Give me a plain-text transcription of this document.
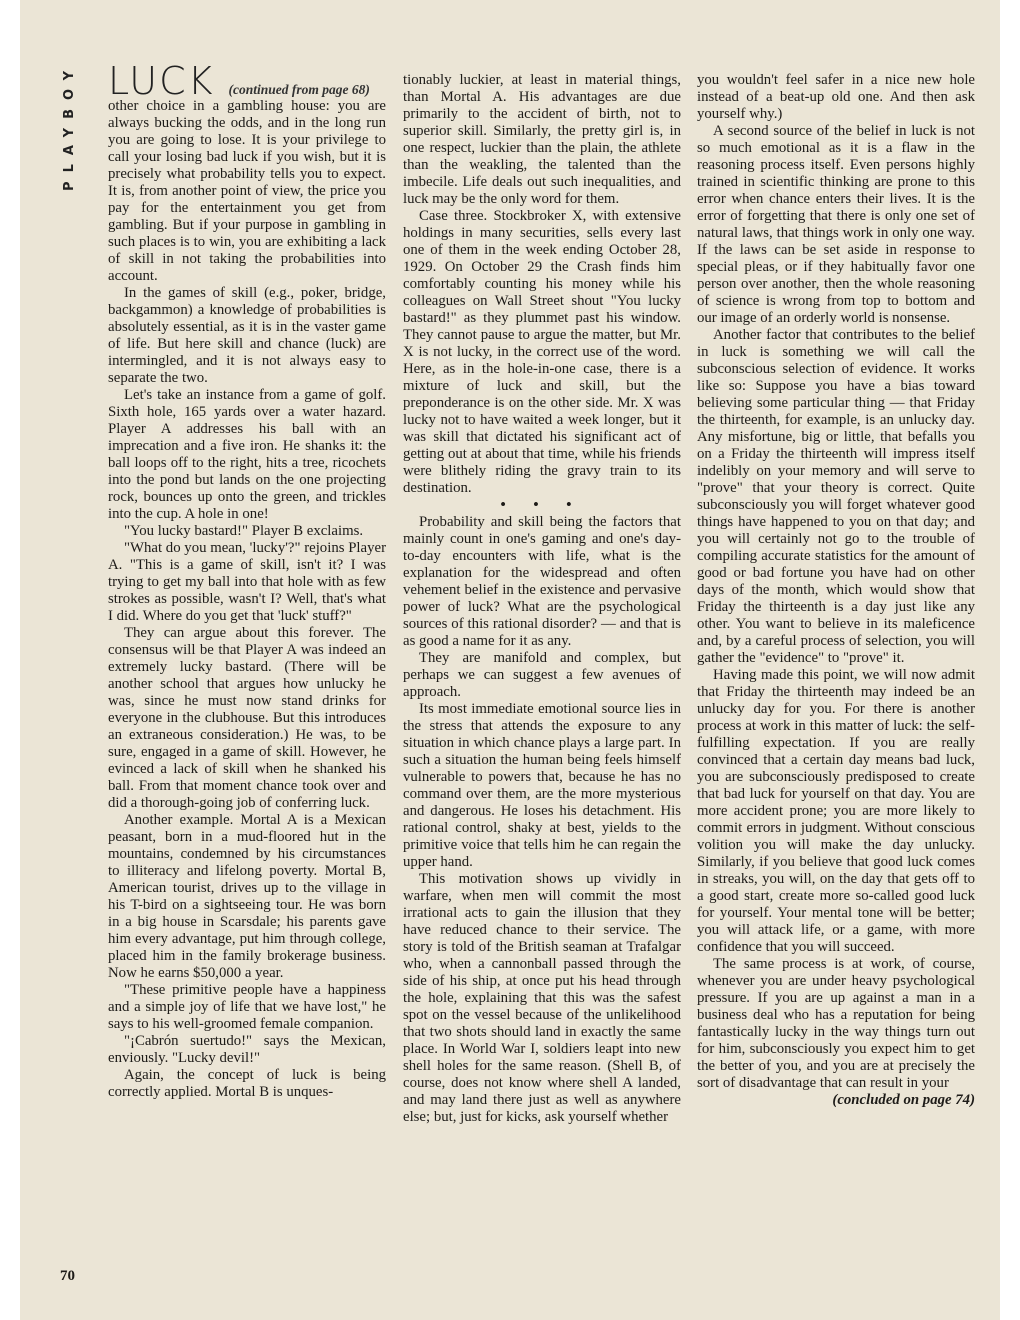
PLAYBOY
70
LUCK (continued from page 68)

other choice in a gambling house: you are always bucking the odds, and in the long run you are going to lose. It is your privilege to call your losing bad luck if you wish, but it is precisely what probability tells you to expect. It is, from another point of view, the price you pay for the entertainment you get from gambling. But if your purpose in gambling in such places is to win, you are exhibiting a lack of skill in not taking the probabilities into account.

In the games of skill (e.g., poker, bridge, backgammon) a knowledge of probabilities is absolutely essential, as it is in the vaster game of life. But here skill and chance (luck) are intermingled, and it is not always easy to separate the two.

Let's take an instance from a game of golf. Sixth hole, 165 yards over a water hazard. Player A addresses his ball with an imprecation and a five iron. He shanks it: the ball loops off to the right, hits a tree, ricochets into the pond but lands on the one projecting rock, bounces up onto the green, and trickles into the cup. A hole in one!

"You lucky bastard!" Player B exclaims.

"What do you mean, 'lucky'?" rejoins Player A. "This is a game of skill, isn't it? I was trying to get my ball into that hole with as few strokes as possible, wasn't I? Well, that's what I did. Where do you get that 'luck' stuff?"

They can argue about this forever. The consensus will be that Player A was indeed an extremely lucky bastard. (There will be another school that argues how unlucky he was, since he must now stand drinks for everyone in the clubhouse. But this introduces an extraneous consideration.) He was, to be sure, engaged in a game of skill. However, he evinced a lack of skill when he shanked his ball. From that moment chance took over and did a thorough-going job of conferring luck.

Another example. Mortal A is a Mexican peasant, born in a mud-floored hut in the mountains, condemned by his circumstances to illiteracy and lifelong poverty. Mortal B, American tourist, drives up to the village in his T-bird on a sightseeing tour. He was born in a big house in Scarsdale; his parents gave him every advantage, put him through college, placed him in the family brokerage business. Now he earns $50,000 a year.

"These primitive people have a happiness and a simple joy of life that we have lost," he says to his well-groomed female companion.

"¡Cabrón suertudo!" says the Mexican, enviously. "Lucky devil!"

Again, the concept of luck is being correctly applied. Mortal B is unques-

tionably luckier, at least in material things, than Mortal A. His advantages are due primarily to the accident of birth, not to superior skill. Similarly, the pretty girl is, in one respect, luckier than the plain, the athlete than the weakling, the talented than the imbecile. Life deals out such inequalities, and luck may be the only word for them.

Case three. Stockbroker X, with extensive holdings in many securities, sells every last one of them in the week ending October 28, 1929. On October 29 the Crash finds him comfortably counting his money while his colleagues on Wall Street shout "You lucky bastard!" as they plummet past his window. They cannot pause to argue the matter, but Mr. X is not lucky, in the correct use of the word. Here, as in the hole-in-one case, there is a mixture of luck and skill, but the preponderance is on the other side. Mr. X was lucky not to have waited a week longer, but it was skill that dictated his significant act of getting out at about that time, while his friends were blithely riding the gravy train to its destination.

• • •

Probability and skill being the factors that mainly count in one's gaming and one's day-to-day encounters with life, what is the explanation for the widespread and often vehement belief in the existence and pervasive power of luck? What are the psychological sources of this rational disorder? — and that is as good a name for it as any.

They are manifold and complex, but perhaps we can suggest a few avenues of approach.

Its most immediate emotional source lies in the stress that attends the exposure to any situation in which chance plays a large part. In such a situation the human being feels himself vulnerable to powers that, because he has no command over them, are the more mysterious and dangerous. He loses his detachment. His rational control, shaky at best, yields to the primitive voice that tells him he can regain the upper hand.

This motivation shows up vividly in warfare, when men will commit the most irrational acts to gain the illusion that they have reduced chance to their service. The story is told of the British seaman at Trafalgar who, when a cannonball passed through the side of his ship, at once put his head through the hole, explaining that this was the safest spot on the vessel because of the unlikelihood that two shots should land in exactly the same place. In World War I, soldiers leapt into new shell holes for the same reason. (Shell B, of course, does not know where shell A landed, and may land there just as well as anywhere else; but, just for kicks, ask yourself whether

you wouldn't feel safer in a nice new hole instead of a beat-up old one. And then ask yourself why.)

A second source of the belief in luck is not so much emotional as it is a flaw in the reasoning process itself. Even persons highly trained in scientific thinking are prone to this error when chance enters their lives. It is the error of forgetting that there is only one set of natural laws, that things work in only one way. If the laws can be set aside in response to special pleas, or if they habitually favor one person over another, then the whole reasoning of science is wrong from top to bottom and our image of an orderly world is nonsense.

Another factor that contributes to the belief in luck is something we will call the subconscious selection of evidence. It works like so: Suppose you have a bias toward believing some particular thing — that Friday the thirteenth, for example, is an unlucky day. Any misfortune, big or little, that befalls you on a Friday the thirteenth will impress itself indelibly on your memory and will serve to "prove" that your theory is correct. Quite subconsciously you will forget whatever good things have happened to you on that day; and you will certainly not go to the trouble of compiling accurate statistics for the amount of good or bad fortune you have had on other days of the month, which would show that Friday the thirteenth is a day just like any other. You want to believe in its maleficence and, by a careful process of selection, you will gather the "evidence" to "prove" it.

Having made this point, we will now admit that Friday the thirteenth may indeed be an unlucky day for you. For there is another process at work in this matter of luck: the self-fulfilling expectation. If you are really convinced that a certain day means bad luck, you are subconsciously predisposed to create that bad luck for yourself on that day. You are more accident prone; you are more likely to commit errors in judgment. Without conscious volition you will make the day unlucky. Similarly, if you believe that good luck comes in streaks, you will, on the day that gets off to a good start, create more so-called good luck for yourself. Your mental tone will be better; you will attack life, or a game, with more confidence that you will succeed.

The same process is at work, of course, whenever you are under heavy psychological pressure. If you are up against a man in a business deal who has a reputation for being fantastically lucky in the way things turn out for him, subconsciously you expect him to get the better of you, and you are at precisely the sort of disadvantage that can result in your

(concluded on page 74)
